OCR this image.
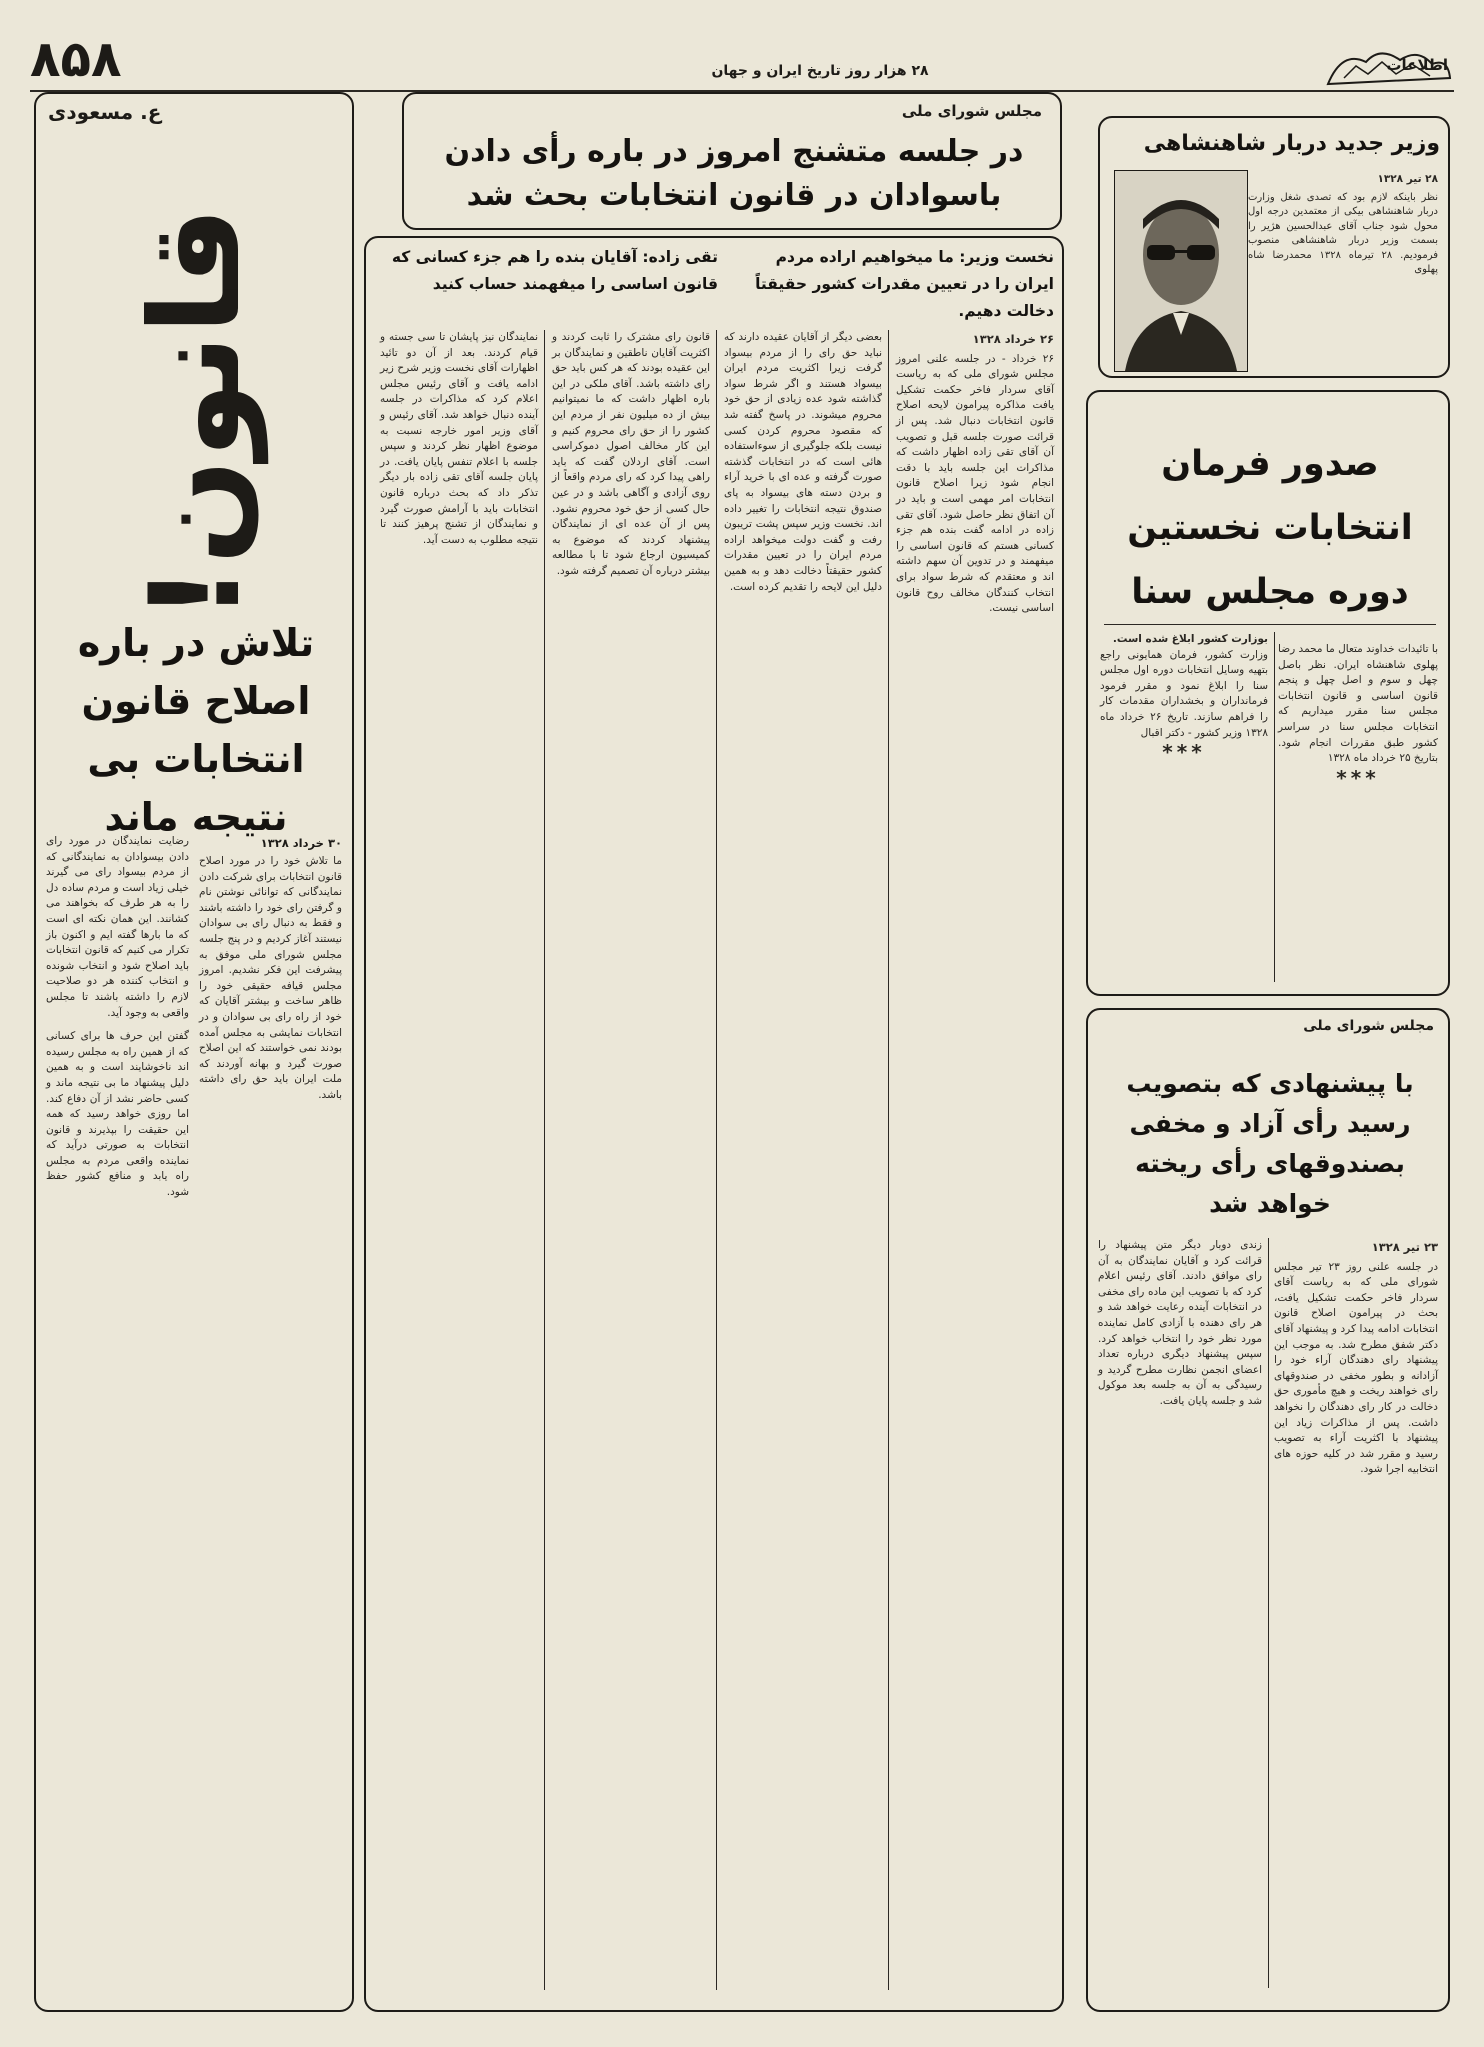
۸۵۸	۲۸ هزار روز تاریخ ایران و جهان	اطلاعات
ع. مسعودی
قانون!
تلاش در باره اصلاح قانون انتخابات بی نتیجه ماند
۳۰ خرداد ۱۳۲۸
ما تلاش خود را در مورد اصلاح قانون انتخابات برای شرکت دادن نمایندگانی که توانائی نوشتن نام و گرفتن رای خود را داشته باشند و فقط به دنبال رای بی سوادان نیستند آغاز کردیم و در پنج جلسه مجلس شورای ملی موفق به پیشرفت این فکر نشدیم. امروز مجلس قیافه حقیقی خود را ظاهر ساخت و بیشتر آقایان که خود از راه رای بی سوادان و در انتخابات نمایشی به مجلس آمده بودند نمی خواستند که این اصلاح صورت گیرد و بهانه آوردند که ملت ایران باید حق رای داشته باشد.
رضایت نمایندگان در مورد رای دادن بیسوادان به نمایندگانی که از مردم بیسواد رای می گیرند خیلی زیاد است و مردم ساده دل را به هر طرف که بخواهند می کشانند. این همان نکته ای است که ما بارها گفته ایم و اکنون باز تکرار می کنیم که قانون انتخابات باید اصلاح شود و انتخاب شونده و انتخاب کننده هر دو صلاحیت لازم را داشته باشند تا مجلس واقعی به وجود آید.
گفتن این حرف ها برای کسانی که از همین راه به مجلس رسیده اند ناخوشایند است و به همین دلیل پیشنهاد ما بی نتیجه ماند و کسی حاضر نشد از آن دفاع کند. اما روزی خواهد رسید که همه این حقیقت را بپذیرند و قانون انتخابات به صورتی درآید که نماینده واقعی مردم به مجلس راه یابد و منافع کشور حفظ شود.
مجلس شورای ملی
در جلسه متشنج امروز در باره رأی دادن باسوادان در قانون انتخابات بحث شد
نخست وزیر: ما میخواهیم اراده مردم ایران را در تعیین مقدرات کشور حقیقتاً دخالت دهیم.
تقی زاده: آقایان بنده را هم جزء کسانی که قانون اساسی را میفهمند حساب کنید
۲۶ خرداد ۱۳۲۸
۲۶ خرداد - در جلسه علنی امروز مجلس شورای ملی که به ریاست آقای سردار فاخر حکمت تشکیل یافت مذاکره پیرامون لایحه اصلاح قانون انتخابات دنبال شد. پس از قرائت صورت جلسه قبل و تصویب آن آقای تقی زاده اظهار داشت که مذاکرات این جلسه باید با دقت انجام شود زیرا اصلاح قانون انتخابات امر مهمی است و باید در آن اتفاق نظر حاصل شود. آقای تقی زاده در ادامه گفت بنده هم جزء کسانی هستم که قانون اساسی را میفهمند و در تدوین آن سهم داشته اند و معتقدم که شرط سواد برای انتخاب کنندگان مخالف روح قانون اساسی نیست.
بعضی دیگر از آقایان عقیده دارند که نباید حق رای را از مردم بیسواد گرفت زیرا اکثریت مردم ایران بیسواد هستند و اگر شرط سواد گذاشته شود عده زیادی از حق خود محروم میشوند. در پاسخ گفته شد که مقصود محروم کردن کسی نیست بلکه جلوگیری از سوءاستفاده هائی است که در انتخابات گذشته صورت گرفته و عده ای با خرید آراء و بردن دسته های بیسواد به پای صندوق نتیجه انتخابات را تغییر داده اند. نخست وزیر سپس پشت تریبون رفت و گفت دولت میخواهد اراده مردم ایران را در تعیین مقدرات کشور حقیقتاً دخالت دهد و به همین دلیل این لایحه را تقدیم کرده است.
قانون رای مشترک را ثابت کردند و اکثریت آقایان ناطقین و نمایندگان بر این عقیده بودند که هر کس باید حق رای داشته باشد. آقای ملکی در این باره اظهار داشت که ما نمیتوانیم بیش از ده میلیون نفر از مردم این کشور را از حق رای محروم کنیم و این کار مخالف اصول دموکراسی است. آقای اردلان گفت که باید راهی پیدا کرد که رای مردم واقعاً از روی آزادی و آگاهی باشد و در عین حال کسی از حق خود محروم نشود. پس از آن عده ای از نمایندگان پیشنهاد کردند که موضوع به کمیسیون ارجاع شود تا با مطالعه بیشتر درباره آن تصمیم گرفته شود.
نمایندگان نیز پایشان تا سی جسته و قیام کردند. بعد از آن دو تائید اظهارات آقای نخست وزیر شرح زیر ادامه یافت و آقای رئیس مجلس اعلام کرد که مذاکرات در جلسه آینده دنبال خواهد شد. آقای رئیس و آقای وزیر امور خارجه نسبت به موضوع اظهار نظر کردند و سپس جلسه با اعلام تنفس پایان یافت. در پایان جلسه آقای تقی زاده بار دیگر تذکر داد که بحث درباره قانون انتخابات باید با آرامش صورت گیرد و نمایندگان از تشنج پرهیز کنند تا نتیجه مطلوب به دست آید.
وزیر جدید دربار شاهنشاهی
۲۸ تیر ۱۳۲۸
نظر باینکه لازم بود که تصدی شغل وزارت دربار شاهنشاهی بیکی از معتمدین درجه اول محول شود جناب آقای عبدالحسین هژیر را بسمت وزیر دربار شاهنشاهی منصوب فرمودیم. ۲۸ تیرماه ۱۳۲۸ محمدرضا شاه پهلوی
صدور فرمان انتخابات نخستین دوره مجلس سنا
بوزارت کشور ابلاغ شده است.
وزارت کشور، فرمان همایونی راجع بتهیه وسایل انتخابات دوره اول مجلس سنا را ابلاغ نمود و مقرر فرمود فرمانداران و بخشداران مقدمات کار را فراهم سازند. تاریخ ۲۶ خرداد ماه ۱۳۲۸ وزیر کشور - دکتر اقبال
***
با تائیدات خداوند متعال ما محمد رضا پهلوی شاهنشاه ایران. نظر باصل چهل و سوم و اصل چهل و پنجم قانون اساسی و قانون انتخابات مجلس سنا مقرر میداریم که انتخابات مجلس سنا در سراسر کشور طبق مقررات انجام شود. بتاریخ ۲۵ خرداد ماه ۱۳۲۸
***
مجلس شورای ملی
با پیشنهادی که بتصویب رسید رأی آزاد و مخفی بصندوقهای رأی ریخته خواهد شد
۲۳ تیر ۱۳۲۸
در جلسه علنی روز ۲۳ تیر مجلس شورای ملی که به ریاست آقای سردار فاخر حکمت تشکیل یافت، بحث در پیرامون اصلاح قانون انتخابات ادامه پیدا کرد و پیشنهاد آقای دکتر شفق مطرح شد. به موجب این پیشنهاد رای دهندگان آراء خود را آزادانه و بطور مخفی در صندوقهای رای خواهند ریخت و هیچ مأموری حق دخالت در کار رای دهندگان را نخواهد داشت. پس از مذاکرات زیاد این پیشنهاد با اکثریت آراء به تصویب رسید و مقرر شد در کلیه حوزه های انتخابیه اجرا شود.
زندی دوبار دیگر متن پیشنهاد را قرائت کرد و آقایان نمایندگان به آن رای موافق دادند. آقای رئیس اعلام کرد که با تصویب این ماده رای مخفی در انتخابات آینده رعایت خواهد شد و هر رای دهنده با آزادی کامل نماینده مورد نظر خود را انتخاب خواهد کرد. سپس پیشنهاد دیگری درباره تعداد اعضای انجمن نظارت مطرح گردید و رسیدگی به آن به جلسه بعد موکول شد و جلسه پایان یافت.
